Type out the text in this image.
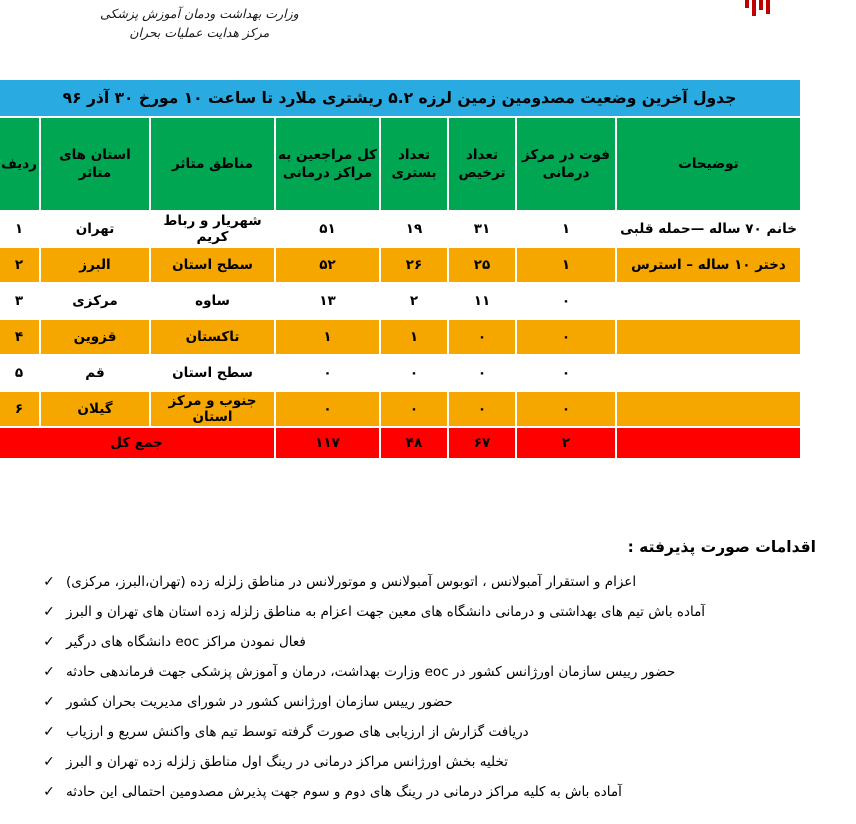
وزارت بهداشت ودمان آموزش پزشکی
مرکز هدایت عملیات بحران
جدول آخرین وضعیت مصدومین زمین لرزه ۵.۲ ریشتری ملارد تا ساعت ۱۰ مورخ ۳۰ آذر ۹۶							
توضیحات	فوت در مرکز درمانی	تعداد ترخیص	تعداد بستری	کل مراجعین به مراکز درمانی	مناطق متاثر	استان های متاثر	ردیف
خانم ۷۰ ساله —حمله قلبی	۱	۳۱	۱۹	۵۱	شهریار و رباط کریم	تهران	۱
دختر ۱۰ ساله – استرس	۱	۲۵	۲۶	۵۲	سطح استان	البرز	۲
	۰	۱۱	۲	۱۳	ساوه	مرکزی	۳
	۰	۰	۱	۱	تاکستان	قزوین	۴
	۰	۰	۰	۰	سطح استان	قم	۵
	۰	۰	۰	۰	جنوب و مرکز استان	گیلان	۶
	۲	۶۷	۴۸	۱۱۷	جمع کل		
اقدامات صورت پذیرفته :
اعزام و استقرار آمبولانس ، اتوبوس آمبولانس و موتورلانس در مناطق زلزله زده (تهران،البرز، مرکزی)
✓
آماده باش تیم های بهداشتی و درمانی دانشگاه های معین جهت اعزام به مناطق زلزله زده استان های تهران و البرز
✓
فعال نمودن مراکز eoc دانشگاه های درگیر
✓
حضور رییس سازمان اورژانس کشور در eoc وزارت بهداشت، درمان و آموزش پزشکی جهت فرماندهی حادثه
✓
حضور رییس سازمان اورژانس کشور در شورای مدیریت بحران کشور
✓
دریافت گزارش از ارزیابی های صورت گرفته توسط تیم های واکنش سریع و ارزیاب
✓
تخلیه بخش اورژانس مراکز درمانی در رینگ اول مناطق زلزله زده تهران و البرز
✓
آماده باش به کلیه مراکز درمانی در رینگ های دوم و سوم جهت پذیرش مصدومین احتمالی این حادثه
✓
